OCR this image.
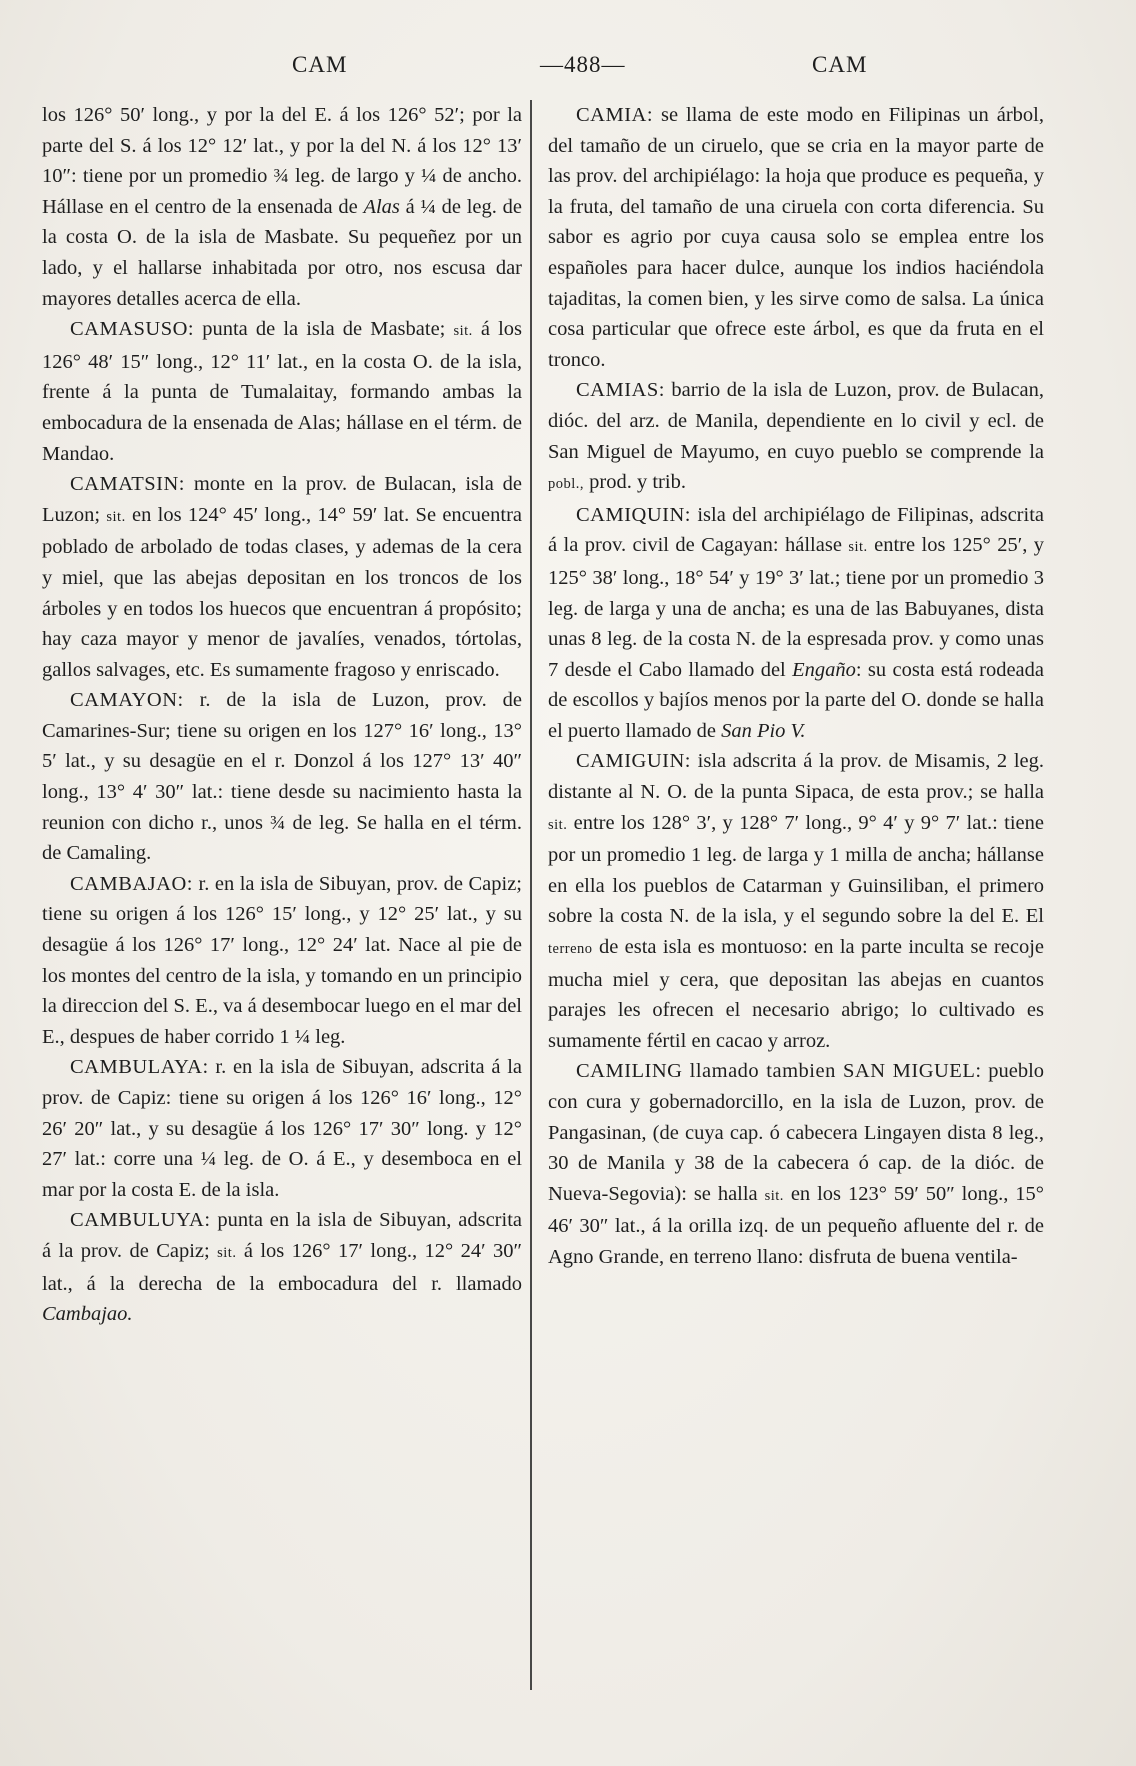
CAM	—488—	CAM

los 126° 50′ long., y por la del E. á los 126° 52′; por la parte del S. á los 12° 12′ lat., y por la del N. á los 12° 13′ 10″: tiene por un promedio ¾ leg. de largo y ¼ de ancho. Hállase en el centro de la ensenada de Alas á ¼ de leg. de la costa O. de la isla de Masbate. Su pequeñez por un lado, y el hallarse inhabitada por otro, nos escusa dar mayores detalles acerca de ella.

CAMASUSO: punta de la isla de Masbate; sit. á los 126° 48′ 15″ long., 12° 11′ lat., en la costa O. de la isla, frente á la punta de Tumalaitay, formando ambas la embocadura de la ensenada de Alas; hállase en el térm. de Mandao.

CAMATSIN: monte en la prov. de Bulacan, isla de Luzon; sit. en los 124° 45′ long., 14° 59′ lat. Se encuentra poblado de arbolado de todas clases, y ademas de la cera y miel, que las abejas depositan en los troncos de los árboles y en todos los huecos que encuentran á propósito; hay caza mayor y menor de javalíes, venados, tórtolas, gallos salvages, etc. Es sumamente fragoso y enriscado.

CAMAYON: r. de la isla de Luzon, prov. de Camarines-Sur; tiene su origen en los 127° 16′ long., 13° 5′ lat., y su desagüe en el r. Donzol á los 127° 13′ 40″ long., 13° 4′ 30″ lat.: tiene desde su nacimiento hasta la reunion con dicho r., unos ¾ de leg. Se halla en el térm. de Camaling.

CAMBAJAO: r. en la isla de Sibuyan, prov. de Capiz; tiene su origen á los 126° 15′ long., y 12° 25′ lat., y su desagüe á los 126° 17′ long., 12° 24′ lat. Nace al pie de los montes del centro de la isla, y tomando en un principio la direccion del S. E., va á desembocar luego en el mar del E., despues de haber corrido 1 ¼ leg.

CAMBULAYA: r. en la isla de Sibuyan, adscrita á la prov. de Capiz: tiene su origen á los 126° 16′ long., 12° 26′ 20″ lat., y su desagüe á los 126° 17′ 30″ long. y 12° 27′ lat.: corre una ¼ leg. de O. á E., y desemboca en el mar por la costa E. de la isla.

CAMBULUYA: punta en la isla de Sibuyan, adscrita á la prov. de Capiz; sit. á los 126° 17′ long., 12° 24′ 30″ lat., á la derecha de la embocadura del r. llamado Cambajao.

CAMIA: se llama de este modo en Filipinas un árbol, del tamaño de un ciruelo, que se cria en la mayor parte de las prov. del archipiélago: la hoja que produce es pequeña, y la fruta, del tamaño de una ciruela con corta diferencia. Su sabor es agrio por cuya causa solo se emplea entre los españoles para hacer dulce, aunque los indios haciéndola tajaditas, la comen bien, y les sirve como de salsa. La única cosa particular que ofrece este árbol, es que da fruta en el tronco.

CAMIAS: barrio de la isla de Luzon, prov. de Bulacan, dióc. del arz. de Manila, dependiente en lo civil y ecl. de San Miguel de Mayumo, en cuyo pueblo se comprende la pobl., prod. y trib.

CAMIQUIN: isla del archipiélago de Filipinas, adscrita á la prov. civil de Cagayan: hállase sit. entre los 125° 25′, y 125° 38′ long., 18° 54′ y 19° 3′ lat.; tiene por un promedio 3 leg. de larga y una de ancha; es una de las Babuyanes, dista unas 8 leg. de la costa N. de la espresada prov. y como unas 7 desde el Cabo llamado del Engaño: su costa está rodeada de escollos y bajíos menos por la parte del O. donde se halla el puerto llamado de San Pio V.

CAMIGUIN: isla adscrita á la prov. de Misamis, 2 leg. distante al N. O. de la punta Sipaca, de esta prov.; se halla sit. entre los 128° 3′, y 128° 7′ long., 9° 4′ y 9° 7′ lat.: tiene por un promedio 1 leg. de larga y 1 milla de ancha; hállanse en ella los pueblos de Catarman y Guinsiliban, el primero sobre la costa N. de la isla, y el segundo sobre la del E. El terreno de esta isla es montuoso: en la parte inculta se recoje mucha miel y cera, que depositan las abejas en cuantos parajes les ofrecen el necesario abrigo; lo cultivado es sumamente fértil en cacao y arroz.

CAMILING llamado tambien SAN MIGUEL: pueblo con cura y gobernadorcillo, en la isla de Luzon, prov. de Pangasinan, (de cuya cap. ó cabecera Lingayen dista 8 leg., 30 de Manila y 38 de la cabecera ó cap. de la dióc. de Nueva-Segovia): se halla sit. en los 123° 59′ 50″ long., 15° 46′ 30″ lat., á la orilla izq. de un pequeño afluente del r. de Agno Grande, en terreno llano: disfruta de buena ventila-
